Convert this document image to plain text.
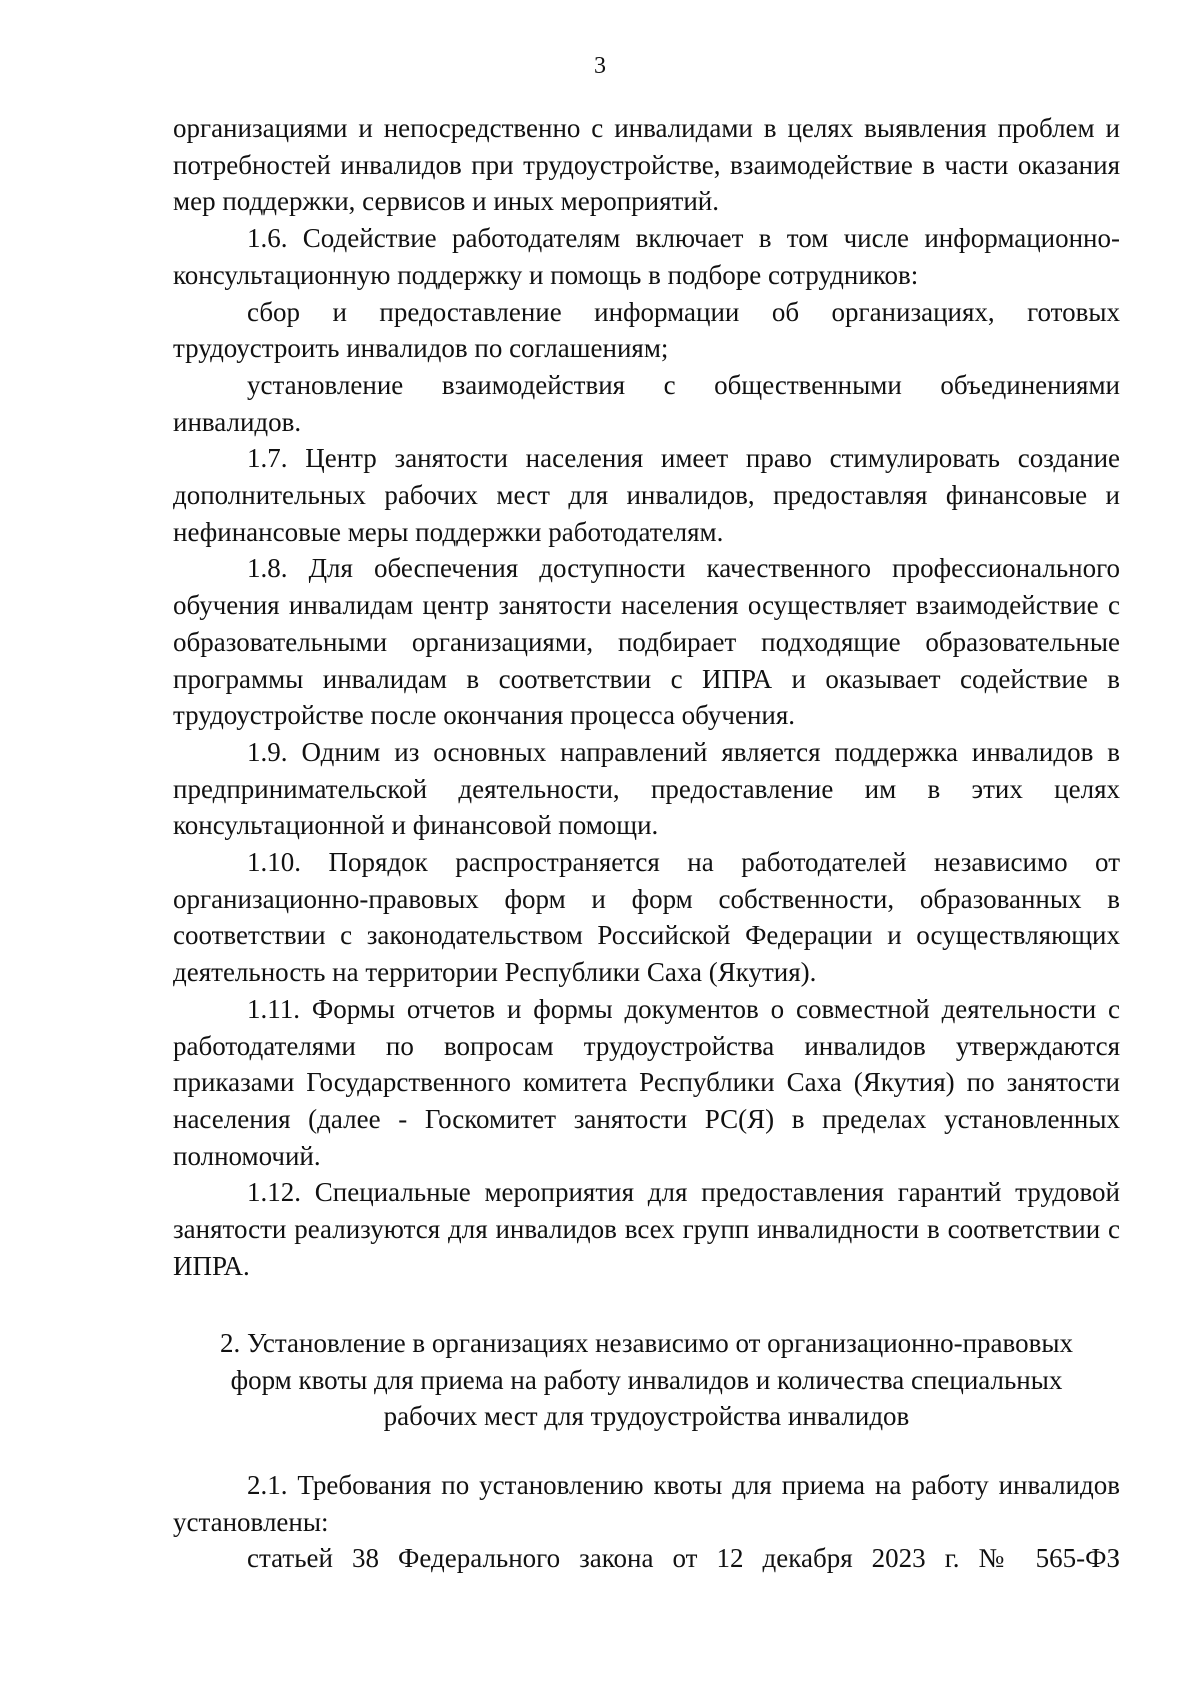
3

организациями и непосредственно с инвалидами в целях выявления проблем и потребностей инвалидов при трудоустройстве, взаимодействие в части оказания мер поддержки, сервисов и иных мероприятий.

1.6. Содействие работодателям включает в том числе информационно-консультационную поддержку и помощь в подборе сотрудников:

сбор и предоставление информации об организациях, готовых трудоустроить инвалидов по соглашениям;

установление взаимодействия с общественными объединениями инвалидов.

1.7. Центр занятости населения имеет право стимулировать создание дополнительных рабочих мест для инвалидов, предоставляя финансовые и нефинансовые меры поддержки работодателям.

1.8. Для обеспечения доступности качественного профессионального обучения инвалидам центр занятости населения осуществляет взаимодействие с образовательными организациями, подбирает подходящие образовательные программы инвалидам в соответствии с ИПРА и оказывает содействие в трудоустройстве после окончания процесса обучения.

1.9. Одним из основных направлений является поддержка инвалидов в предпринимательской деятельности, предоставление им в этих целях консультационной и финансовой помощи.

1.10. Порядок распространяется на работодателей независимо от организационно-правовых форм и форм собственности, образованных в соответствии с законодательством Российской Федерации и осуществляющих деятельность на территории Республики Саха (Якутия).

1.11. Формы отчетов и формы документов о совместной деятельности с работодателями по вопросам трудоустройства инвалидов утверждаются приказами Государственного комитета Республики Саха (Якутия) по занятости населения (далее - Госкомитет занятости РС(Я) в пределах установленных полномочий.

1.12. Специальные мероприятия для предоставления гарантий трудовой занятости реализуются для инвалидов всех групп инвалидности в соответствии с ИПРА.

2. Установление в организациях независимо от организационно-правовых
форм квоты для приема на работу инвалидов и количества специальных
рабочих мест для трудоустройства инвалидов

2.1. Требования по установлению квоты для приема на работу инвалидов установлены:

статьей 38 Федерального закона от 12 декабря 2023 г. № 565-ФЗ
